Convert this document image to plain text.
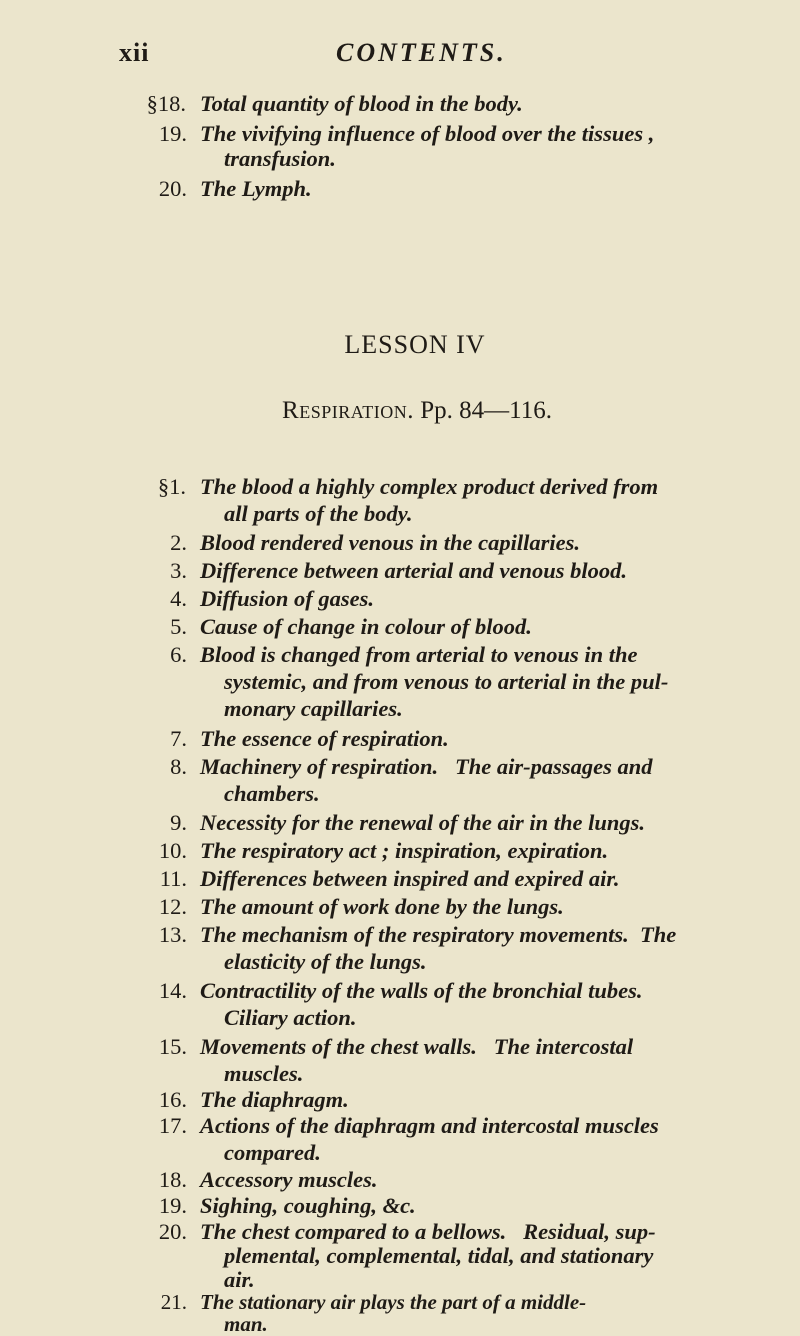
xii	CONTENTS.
§18. Total quantity of blood in the body.
19. The vivifying influence of blood over the tissues ,
transfusion.
20. The Lymph.
LESSON IV
Respiration. Pp. 84—116.
§1. The blood a highly complex product derived from
all parts of the body.
2. Blood rendered venous in the capillaries.
3. Difference between arterial and venous blood.
4. Diffusion of gases.
5. Cause of change in colour of blood.
6. Blood is changed from arterial to venous in the
systemic, and from venous to arterial in the pul-
monary capillaries.
7. The essence of respiration.
8. Machinery of respiration.   The air-passages and
chambers.
9. Necessity for the renewal of the air in the lungs.
10. The respiratory act ; inspiration, expiration.
11. Differences between inspired and expired air.
12. The amount of work done by the lungs.
13. The mechanism of the respiratory movements.  The
elasticity of the lungs.
14. Contractility of the walls of the bronchial tubes.
Ciliary action.
15. Movements of the chest walls.   The intercostal
muscles.
16. The diaphragm.
17. Actions of the diaphragm and intercostal muscles
compared.
18. Accessory muscles.
19. Sighing, coughing, &c.
20. The chest compared to a bellows.   Residual, sup-
plemental, complemental, tidal, and stationary
air.
21. The stationary air plays the part of a middle-
man.
